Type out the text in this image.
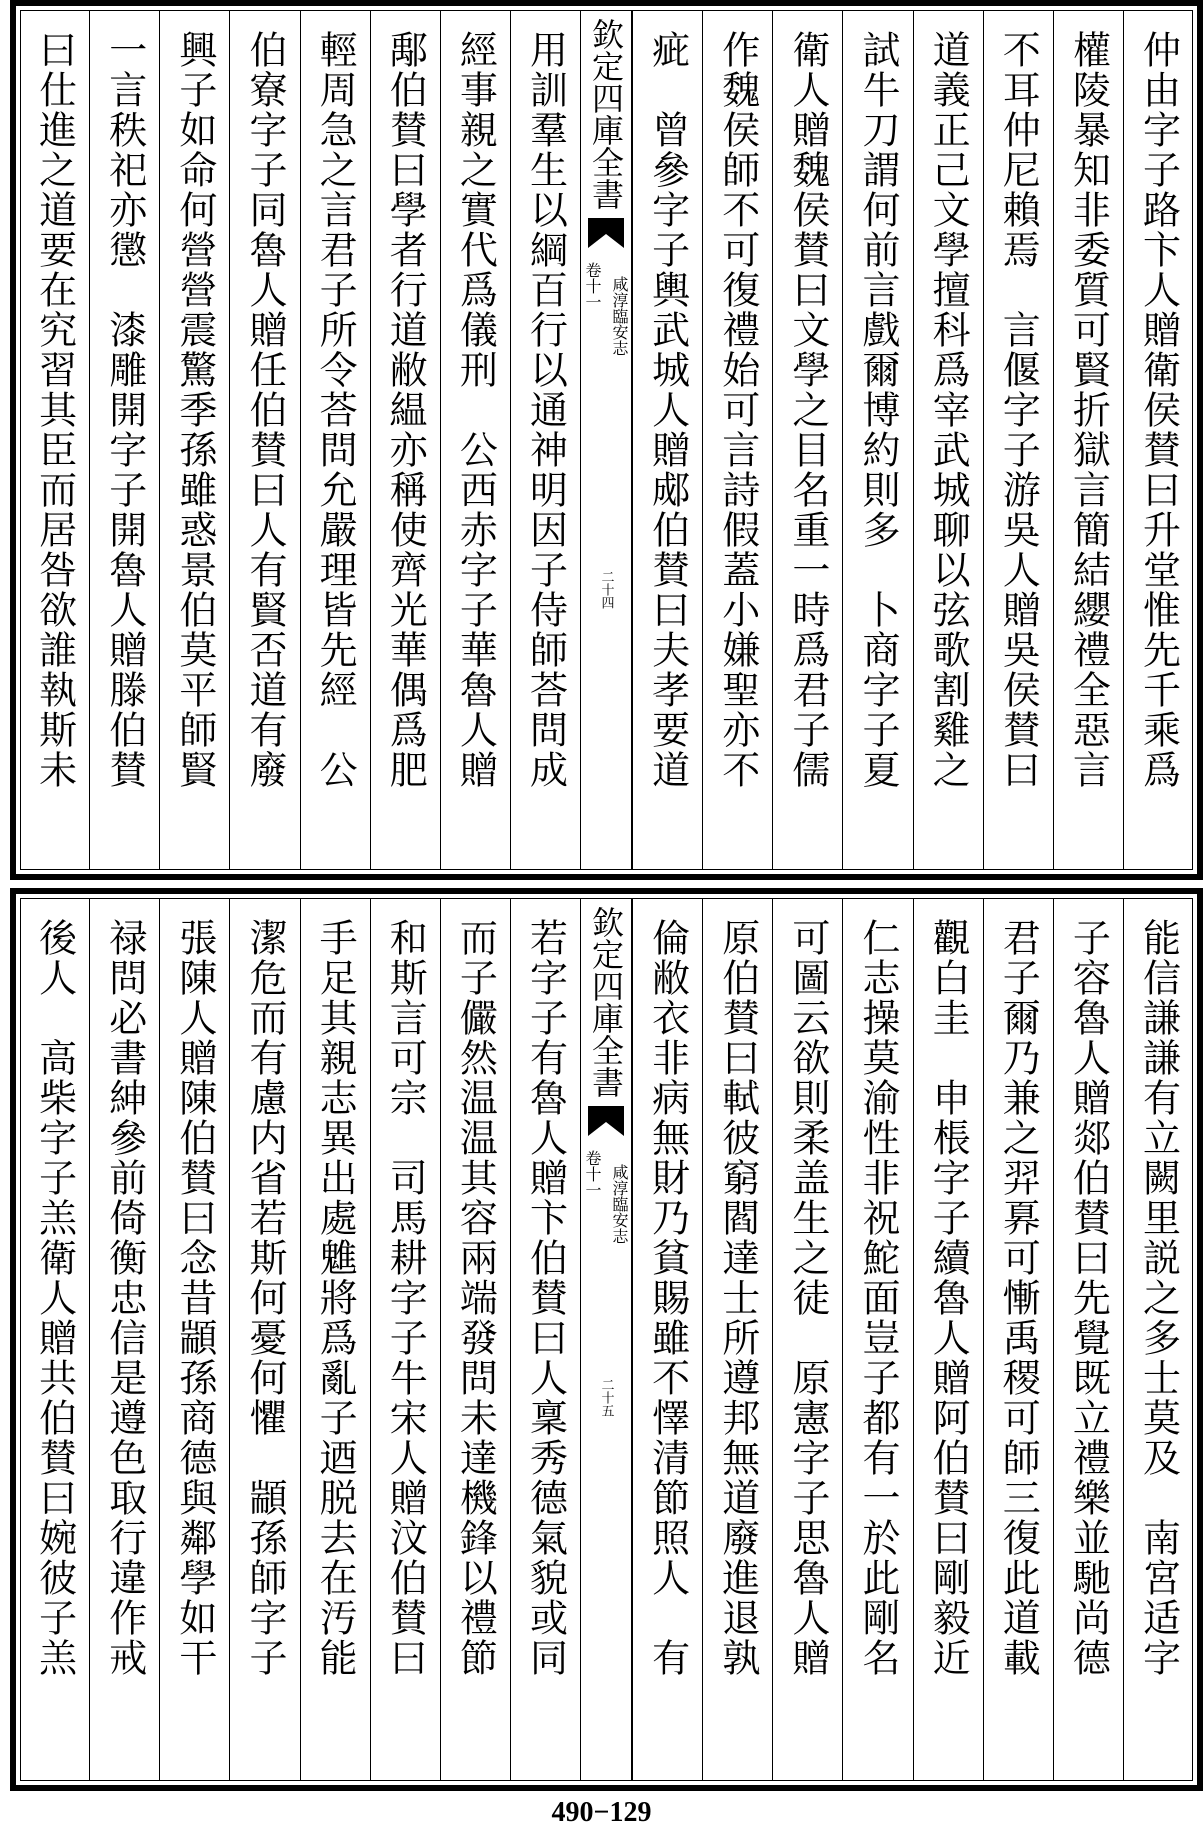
仲由字子路卞人贈衛侯賛曰升堂惟先千乘爲
權陵暴知非委質可賢折獄言簡結纓禮全惡言
不耳仲尼賴焉　言偃字子游吳人贈吳侯賛曰
道義正己文學擅科爲宰武城聊以弦歌割雞之
試牛刀謂何前言戲爾博約則多　卜商字子夏
衛人贈魏侯賛曰文學之目名重一時爲君子儒
作魏侯師不可復禮始可言詩假蓋小嫌聖亦不
疵　曾參字子輿武城人贈郕伯賛曰夫孝要道
欽定四庫全書
咸淳臨安志
卷十一
二十四
用訓羣生以綱百行以通神明因子侍師荅問成
經事親之實代爲儀刑　公西赤字子華魯人贈
鄅伯賛曰學者行道敝緼亦稱使齊光華偶爲肥
輕周急之言君子所令荅問允嚴理皆先經　公
伯寮字子同魯人贈任伯賛曰人有賢否道有廢
興子如命何營營震驚季孫雖惑景伯莫平師賢
一言秩祀亦懲　漆雕開字子開魯人贈滕伯賛
曰仕進之道要在究習其臣而居咎欲誰執斯未
能信謙謙有立闕里説之多士莫及　南宮适字
子容魯人贈郯伯賛曰先覺既立禮樂並馳尚德
君子爾乃兼之羿奡可慚禹稷可師三復此道載
觀白圭　申棖字子續魯人贈阿伯賛曰剛毅近
仁志操莫渝性非祝鮀面豈子都有一於此剛名
可圖云欲則柔盖生之徒　原憲字子思魯人贈
原伯賛曰軾彼窮閻達士所遵邦無道廢進退孰
倫敝衣非病無財乃貧賜雖不懌清節照人　有
欽定四庫全書
咸淳臨安志
卷十一
二十五
若字子有魯人贈卞伯賛曰人稟秀德氣貌或同
而子儼然温温其容兩端發問未達機鋒以禮節
和斯言可宗　司馬耕字子牛宋人贈汶伯賛曰
手足其親志異出處魋將爲亂子迺脱去在汚能
潔危而有慮内省若斯何憂何懼　顓孫師字子
張陳人贈陳伯賛曰念昔顓孫商德與鄰學如干
禄問必書紳參前倚衡忠信是遵色取行違作戒
後人　高柴字子羔衛人贈共伯賛曰婉彼子羔
490−129
